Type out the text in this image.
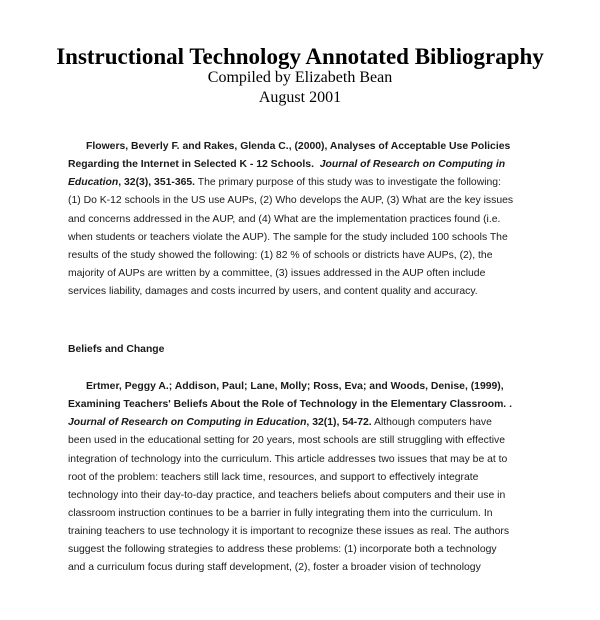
Instructional Technology Annotated Bibliography
Compiled by Elizabeth Bean
August 2001
Flowers, Beverly F. and Rakes, Glenda C., (2000), Analyses of Acceptable Use Policies
Regarding the Internet in Selected K - 12 Schools. Journal of Research on Computing in
Education, 32(3), 351-365. The primary purpose of this study was to investigate the following:
(1) Do K-12 schools in the US use AUPs, (2) Who develops the AUP, (3) What are the key issues
and concerns addressed in the AUP, and (4) What are the implementation practices found (i.e.
when students or teachers violate the AUP). The sample for the study included 100 schools The
results of the study showed the following: (1) 82 % of schools or districts have AUPs, (2), the
majority of AUPs are written by a committee, (3) issues addressed in the AUP often include
services liability, damages and costs incurred by users, and content quality and accuracy.
Beliefs and Change
Ertmer, Peggy A.; Addison, Paul; Lane, Molly; Ross, Eva; and Woods, Denise, (1999),
Examining Teachers' Beliefs About the Role of Technology in the Elementary Classroom. .
Journal of Research on Computing in Education, 32(1), 54-72. Although computers have
been used in the educational setting for 20 years, most schools are still struggling with effective
integration of technology into the curriculum. This article addresses two issues that may be at to
root of the problem: teachers still lack time, resources, and support to effectively integrate
technology into their day-to-day practice, and teachers beliefs about computers and their use in
classroom instruction continues to be a barrier in fully integrating them into the curriculum. In
training teachers to use technology it is important to recognize these issues as real. The authors
suggest the following strategies to address these problems: (1) incorporate both a technology
and a curriculum focus during staff development, (2), foster a broader vision of technology
